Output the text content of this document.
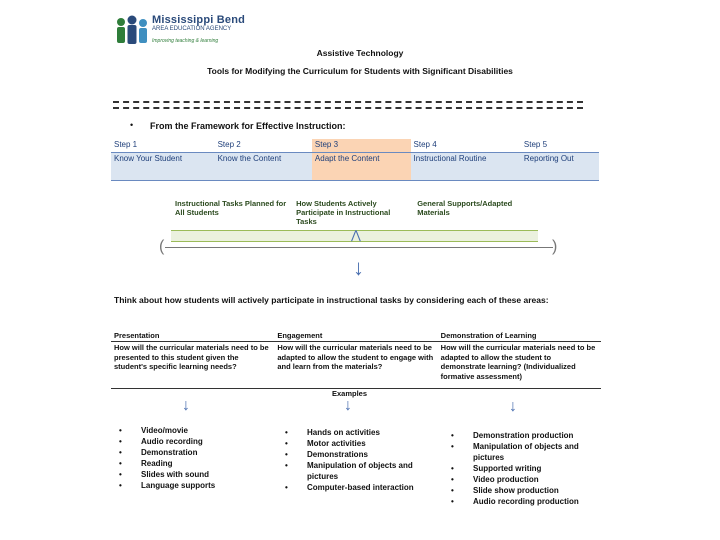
Mississippi Bend
AREA EDUCATION AGENCY
Improving teaching & learning
Assistive Technology
Tools for Modifying the Curriculum for Students with Significant Disabilities
• From the Framework for Effective Instruction:
Step 1	Step 2	Step 3	Step 4	Step 5
Know Your Student	Know the Content	Adapt the Content	Instructional Routine	Reporting Out
Instructional Tasks Planned for All Students	How Students Actively Participate in Instructional Tasks	General Supports/Adapted Materials

⋀
(	)
↓
Think about how students will actively participate in instructional tasks by considering each of these areas:
Presentation	Engagement	Demonstration of Learning
How will the curricular materials need to be presented to this student given the student's specific learning needs?	How will the curricular materials need to be adapted to allow the student to engage with and learn from the materials?	How will the curricular materials need to be adapted to allow the student to demonstrate learning? (Individualized formative assessment)
Examples
↓	↓	↓
• Video/movie
• Audio recording
• Demonstration
• Reading
• Slides with sound
• Language supports
• Hands on activities
• Motor activities
• Demonstrations
• Manipulation of objects and pictures
• Computer-based interaction
• Demonstration production
• Manipulation of objects and pictures
• Supported writing
• Video production
• Slide show production
• Audio recording production
